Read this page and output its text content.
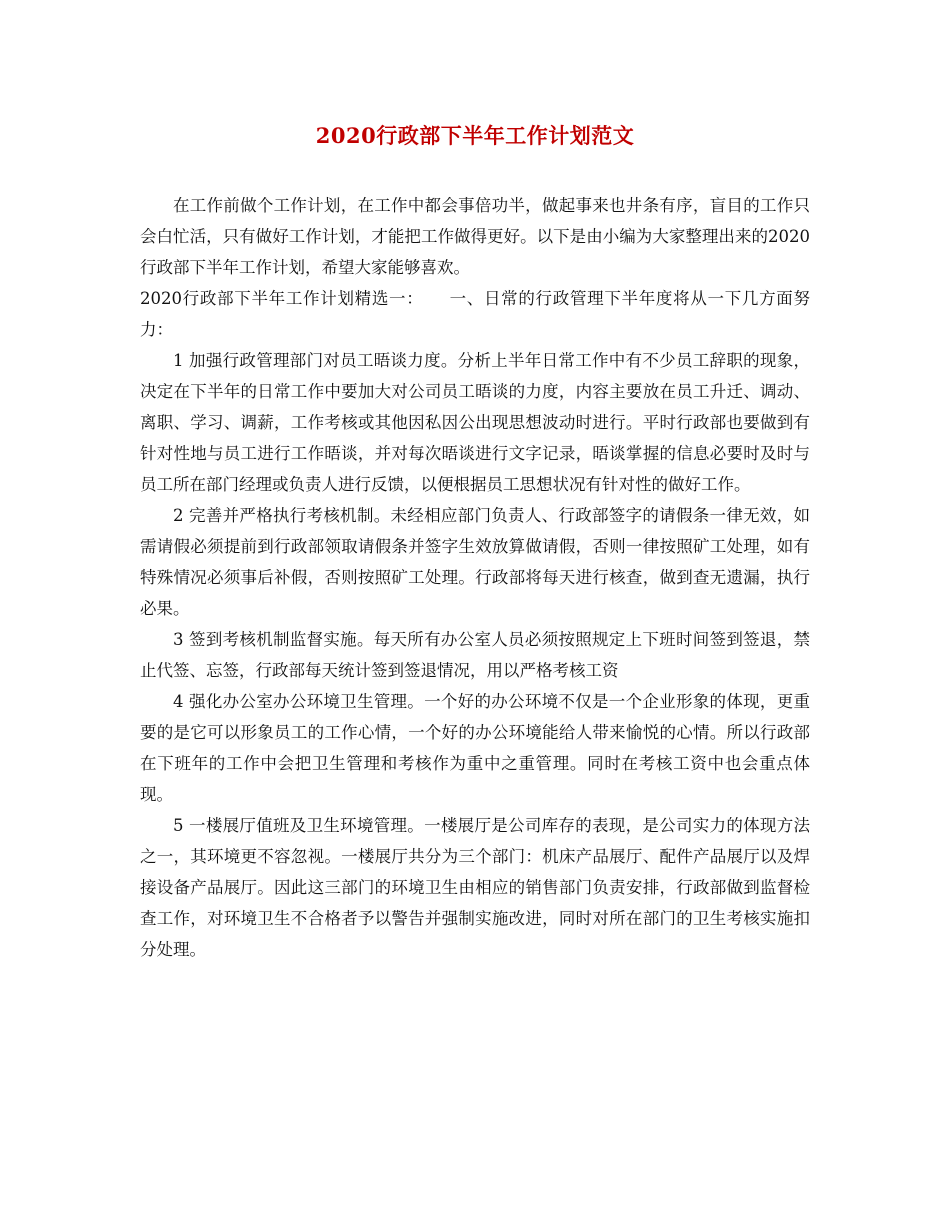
2020行政部下半年工作计划范文

在工作前做个工作计划，在工作中都会事倍功半，做起事来也井条有序，盲目的工作只会白忙活，只有做好工作计划，才能把工作做得更好。以下是由小编为大家整理出来的2020行政部下半年工作计划，希望大家能够喜欢。

2020行政部下半年工作计划精选一：　　一、日常的行政管理下半年度将从一下几方面努力：

1 加强行政管理部门对员工晤谈力度。分析上半年日常工作中有不少员工辞职的现象，决定在下半年的日常工作中要加大对公司员工晤谈的力度，内容主要放在员工升迁、调动、离职、学习、调薪，工作考核或其他因私因公出现思想波动时进行。平时行政部也要做到有针对性地与员工进行工作晤谈，并对每次晤谈进行文字记录，晤谈掌握的信息必要时及时与员工所在部门经理或负责人进行反馈，以便根据员工思想状况有针对性的做好工作。

2 完善并严格执行考核机制。未经相应部门负责人、行政部签字的请假条一律无效，如需请假必须提前到行政部领取请假条并签字生效放算做请假，否则一律按照矿工处理，如有特殊情况必须事后补假，否则按照矿工处理。行政部将每天进行核查，做到查无遗漏，执行必果。

3 签到考核机制监督实施。每天所有办公室人员必须按照规定上下班时间签到签退，禁止代签、忘签，行政部每天统计签到签退情况，用以严格考核工资

4 强化办公室办公环境卫生管理。一个好的办公环境不仅是一个企业形象的体现，更重要的是它可以形象员工的工作心情，一个好的办公环境能给人带来愉悦的心情。所以行政部在下班年的工作中会把卫生管理和考核作为重中之重管理。同时在考核工资中也会重点体现。

5 一楼展厅值班及卫生环境管理。一楼展厅是公司库存的表现，是公司实力的体现方法之一，其环境更不容忽视。一楼展厅共分为三个部门：机床产品展厅、配件产品展厅以及焊接设备产品展厅。因此这三部门的环境卫生由相应的销售部门负责安排，行政部做到监督检查工作，对环境卫生不合格者予以警告并强制实施改进，同时对所在部门的卫生考核实施扣分处理。
